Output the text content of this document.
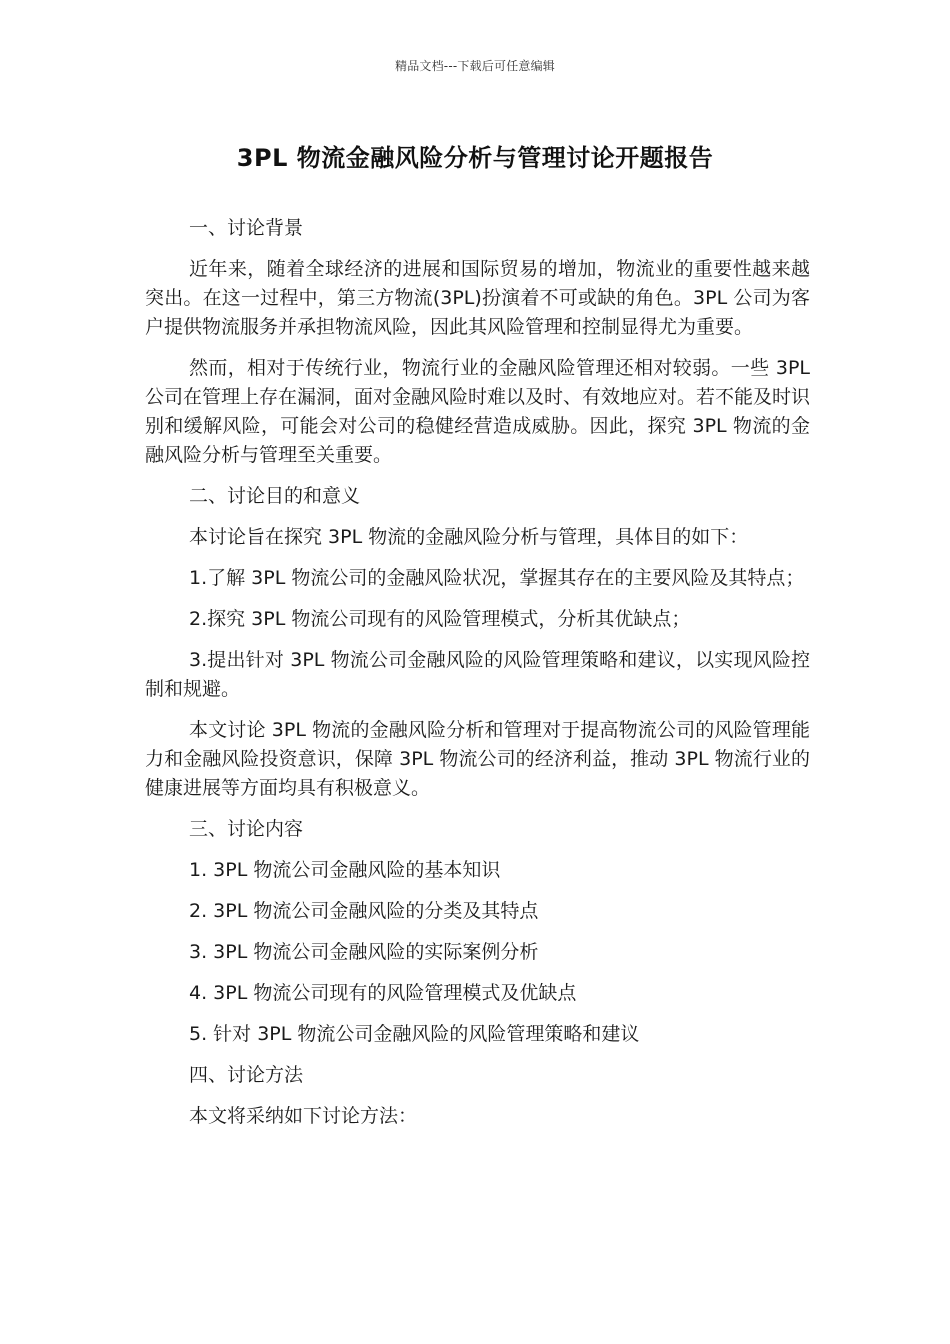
精品文档---下载后可任意编辑
3PL 物流金融风险分析与管理讨论开题报告

一、讨论背景

近年来，随着全球经济的进展和国际贸易的增加，物流业的重要性越来越突出。在这一过程中，第三方物流(3PL)扮演着不可或缺的角色。3PL 公司为客户提供物流服务并承担物流风险，因此其风险管理和控制显得尤为重要。

然而，相对于传统行业，物流行业的金融风险管理还相对较弱。一些 3PL 公司在管理上存在漏洞，面对金融风险时难以及时、有效地应对。若不能及时识别和缓解风险，可能会对公司的稳健经营造成威胁。因此，探究 3PL 物流的金融风险分析与管理至关重要。

二、讨论目的和意义

本讨论旨在探究 3PL 物流的金融风险分析与管理，具体目的如下：

1.了解 3PL 物流公司的金融风险状况，掌握其存在的主要风险及其特点；

2.探究 3PL 物流公司现有的风险管理模式，分析其优缺点；

3.提出针对 3PL 物流公司金融风险的风险管理策略和建议，以实现风险控制和规避。

本文讨论 3PL 物流的金融风险分析和管理对于提高物流公司的风险管理能力和金融风险投资意识，保障 3PL 物流公司的经济利益，推动 3PL 物流行业的健康进展等方面均具有积极意义。

三、讨论内容

1. 3PL 物流公司金融风险的基本知识

2. 3PL 物流公司金融风险的分类及其特点

3. 3PL 物流公司金融风险的实际案例分析

4. 3PL 物流公司现有的风险管理模式及优缺点

5. 针对 3PL 物流公司金融风险的风险管理策略和建议

四、讨论方法

本文将采纳如下讨论方法：
